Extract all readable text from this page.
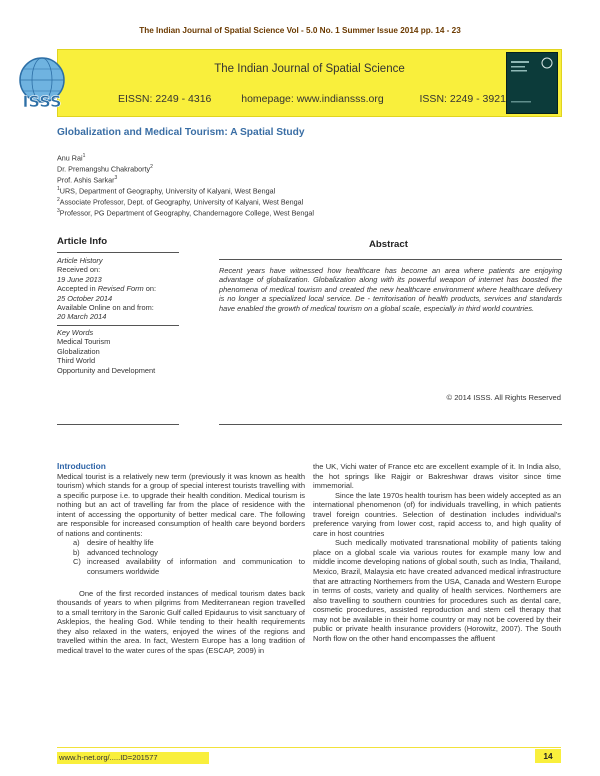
The Indian Journal of Spatial Science Vol - 5.0 No. 1 Summer Issue 2014 pp. 14 - 23
The Indian Journal of Spatial Science
EISSN: 2249 - 4316	homepage: www.indiansss.org	ISSN: 2249 - 3921
ISSS
Globalization and Medical Tourism: A Spatial Study
Anu Rai$^1$
Dr. Premangshu Chakraborty$^2$
Prof. Ashis Sarkar$^3$
$^1$URS, Department of Geography, University of Kalyani, West Bengal
$^2$Associate Professor, Dept. of Geography, University of Kalyani, West Bengal
$^3$Professor, PG Department of Geography, Chandernagore College, West Bengal
Article Info
Article History
Received on:
19 June 2013
Accepted in Revised Form on:
25 October 2014
Available Online on and from:
20 March 2014
Key Words
Medical Tourism
Globalization
Third World
Opportunity and Development
Abstract
Recent years have witnessed how healthcare has become an area where patients are enjoying advantage of globalization. Globalization along with its powerful weapon of internet has boosted the phenomena of medical tourism and created the new healthcare environment where healthcare delivery is no longer a specialized local service. De - territorisation of health products, services and standards have enabled the growth of medical tourism on a global scale, especially in third world countries.
© 2014 ISSS. All Rights Reserved
Introduction

Medical tourist is a relatively new term (previously it was known as health tourism) which stands for a group of special interest tourists travelling with a specific purpose i.e. to upgrade their health condition. Medical tourism is nothing but an act of travelling far from the place of residence with the intent of accessing the opportunity of better medical care. The following are responsible for increased consumption of health care beyond borders of nations and continents:

a) desire of healthy life
b) advanced technology
C) increased availability of information and communication to consumers worldwide

One of the first recorded instances of medical tourism dates back thousands of years to when pilgrims from Mediterranean region travelled to a small territory in the Saronic Gulf called Epidaurus to visit sanctuary of Asklepios, the healing God. While tending to their health requirements they also relaxed in the waters, enjoyed the wines of the regions and travelled within the area. In fact, Western Europe has a long tradition of medical travel to the water cures of the spas (ESCAP, 2009) in

the UK, Vichi water of France etc are excellent example of it. In India also, the hot springs like Rajgir or Bakreshwar draws visitor since time immemorial.

Since the late 1970s health tourism has been widely accepted as an international phenomenon (of) for individuals travelling, in which patients travel foreign countries. Selection of destination includes individual's preference varying from lower cost, rapid access to, and high quality of care in host countries

Such medically motivated transnational mobility of patients taking place on a global scale via various routes for example many low and middle income developing nations of global south, such as India, Thailand, Mexico, Brazil, Malaysia etc have created advanced medical infrastructure that are attracting Northemers from the USA, Canada and Western Europe in terms of costs, variety and quality of health services. Northemers are also travelling to southern countries for procedures such as dental care, cosmetic procedures, assisted reproduction and stem cell therapy that may not be available in their home country or may not be covered by their public or private health insurance providers (Horowitz, 2007). The South North flow on the other hand encompasses the affluent

www.h-net.org/.....ID=201577	14
